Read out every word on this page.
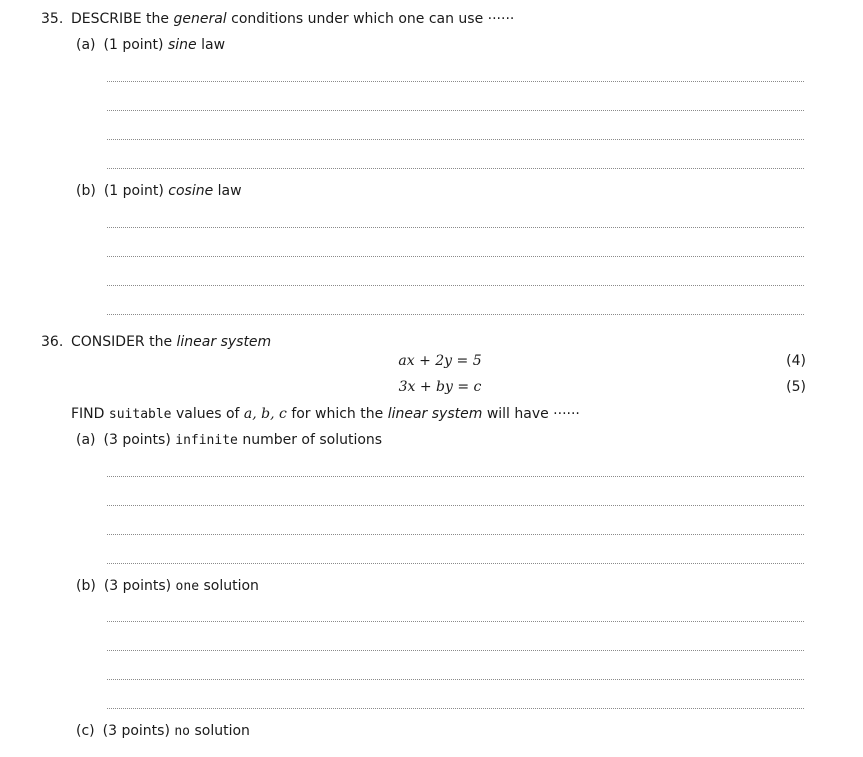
35. DESCRIBE the general conditions under which one can use ······
(a) (1 point) sine law
(b) (1 point) cosine law
36. CONSIDER the linear system
ax + 2y = 5	(4)
3x + by = c	(5)
FIND suitable values of a, b, c for which the linear system will have ······
(a) (3 points) infinite number of solutions
(b) (3 points) one solution
(c) (3 points) no solution
